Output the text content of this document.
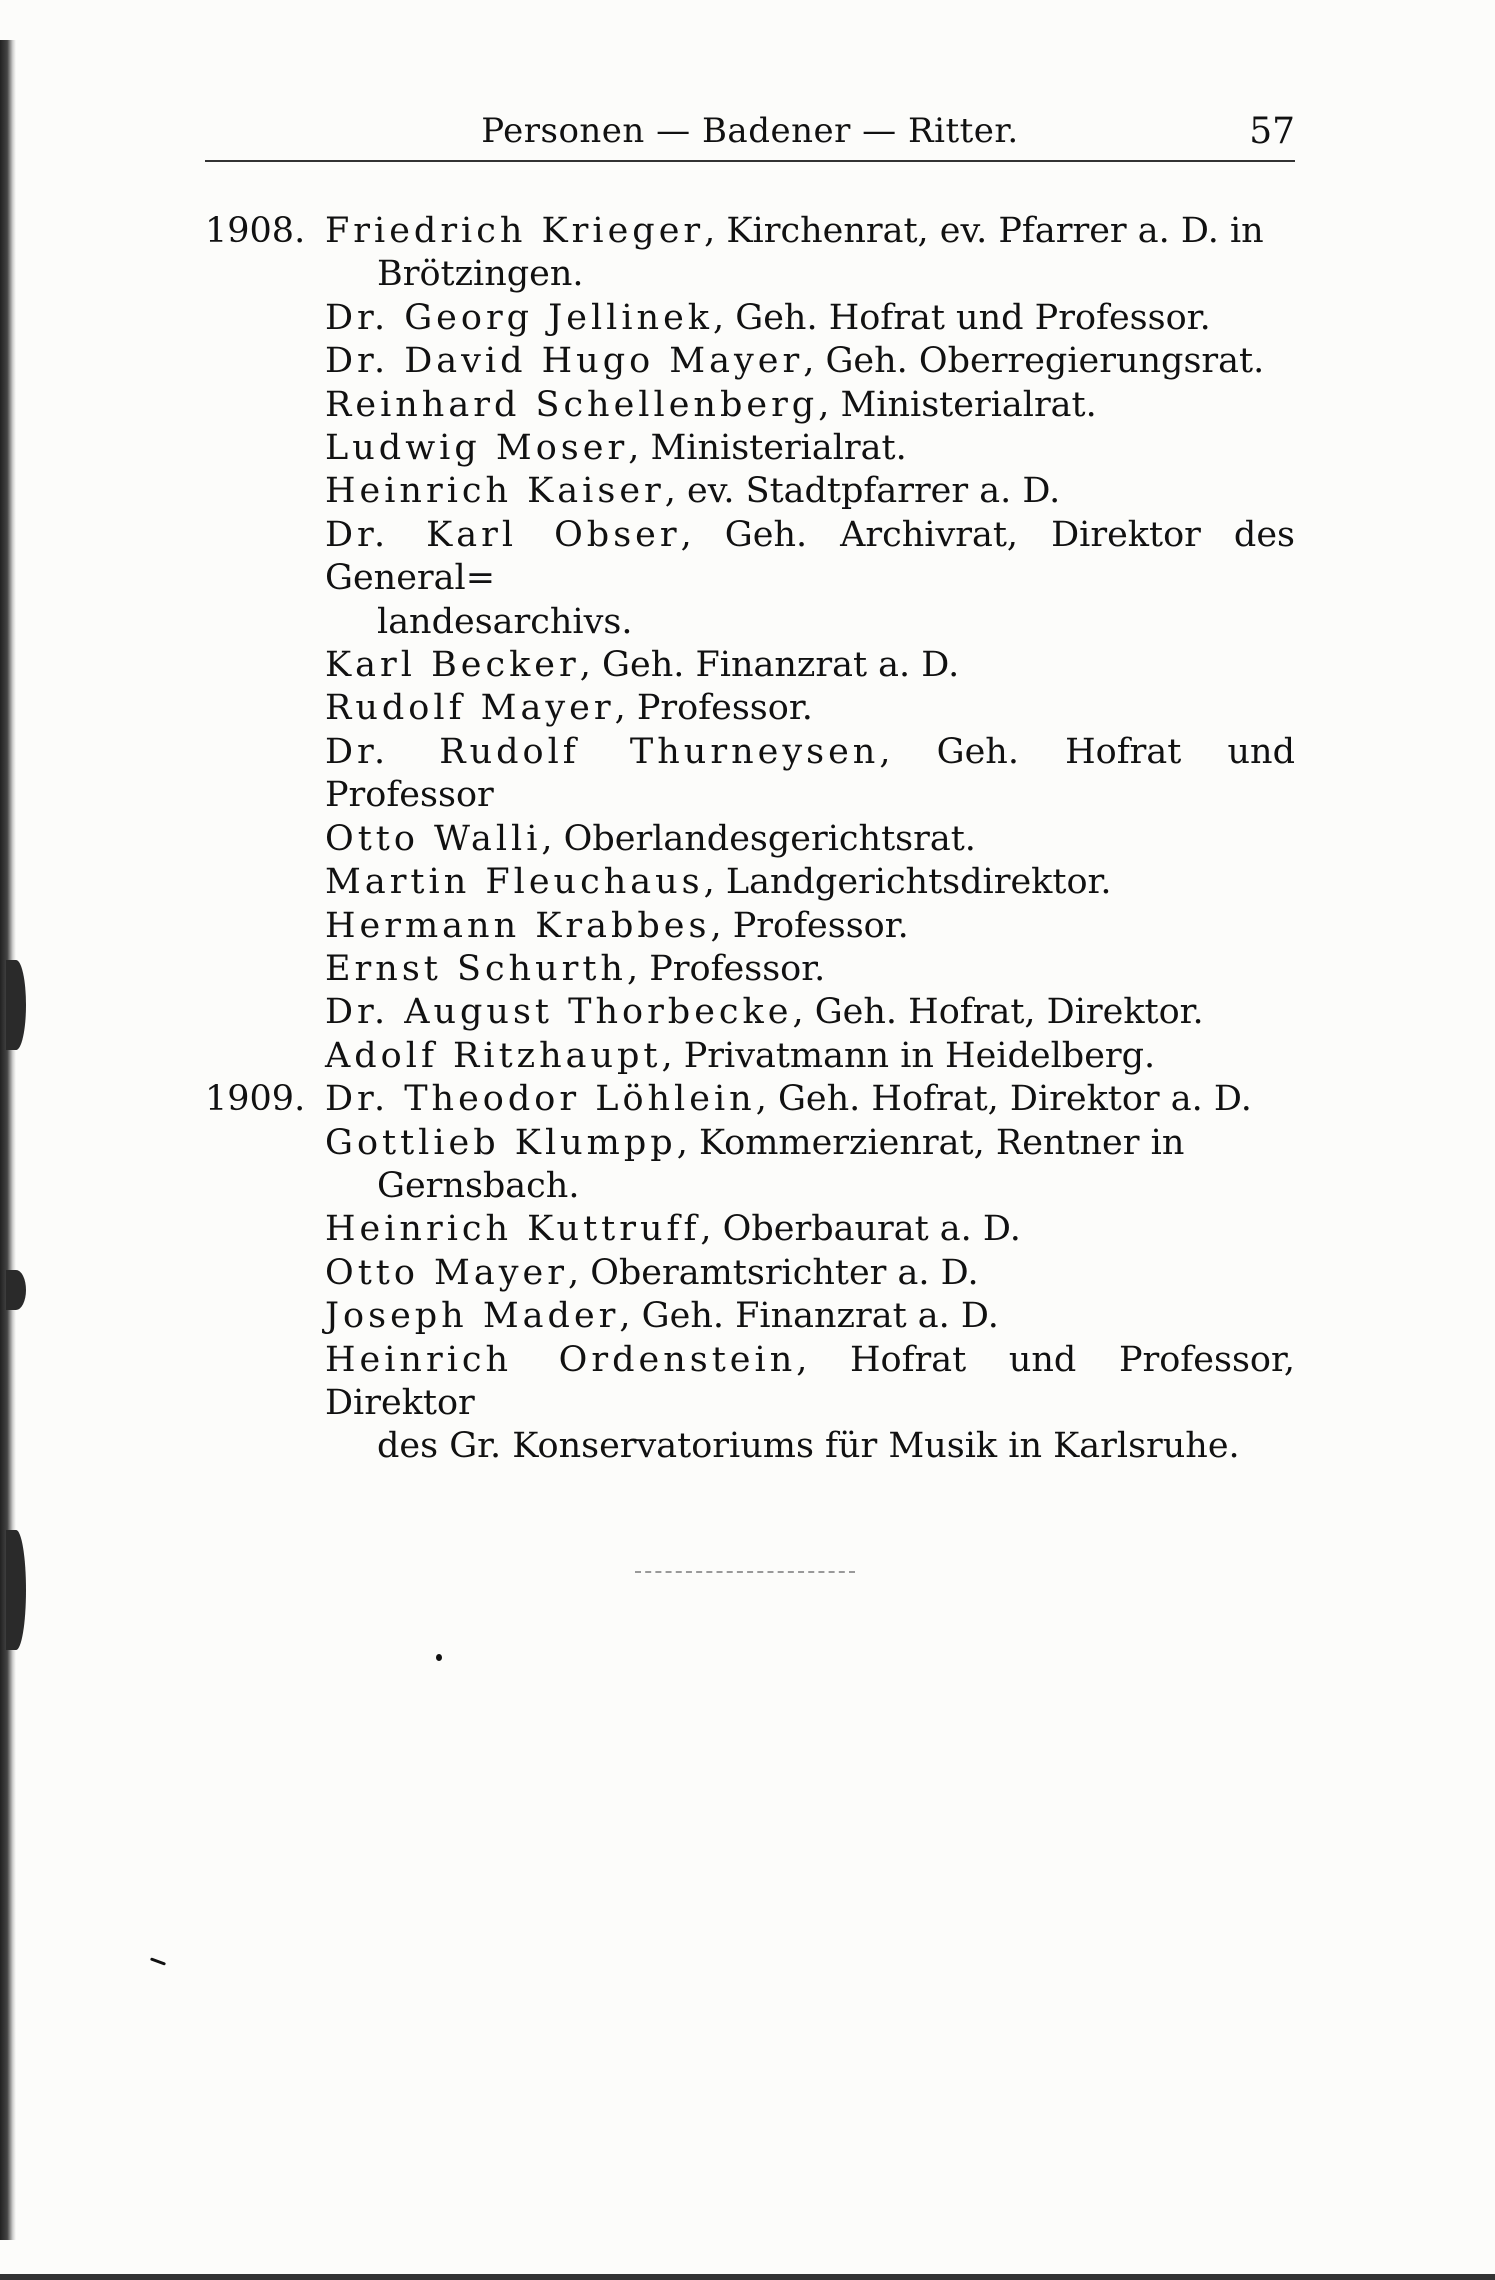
Personen — Badener — Ritter.	57
1908. Friedrich Krieger, Kirchenrat, ev. Pfarrer a. D. in
Brötzingen.
Dr. Georg Jellinek, Geh. Hofrat und Professor.
Dr. David Hugo Mayer, Geh. Oberregierungsrat.
Reinhard Schellenberg, Ministerialrat.
Ludwig Moser, Ministerialrat.
Heinrich Kaiser, ev. Stadtpfarrer a. D.
Dr. Karl Obser, Geh. Archivrat, Direktor des General=
landesarchivs.
Karl Becker, Geh. Finanzrat a. D.
Rudolf Mayer, Professor.
Dr. Rudolf Thurneysen, Geh. Hofrat und Professor
Otto Walli, Oberlandesgerichtsrat.
Martin Fleuchaus, Landgerichtsdirektor.
Hermann Krabbes, Professor.
Ernst Schurth, Professor.
Dr. August Thorbecke, Geh. Hofrat, Direktor.
Adolf Ritzhaupt, Privatmann in Heidelberg.
1909. Dr. Theodor Löhlein, Geh. Hofrat, Direktor a. D.
Gottlieb Klumpp, Kommerzienrat, Rentner in
Gernsbach.
Heinrich Kuttruff, Oberbaurat a. D.
Otto Mayer, Oberamtsrichter a. D.
Joseph Mader, Geh. Finanzrat a. D.
Heinrich Ordenstein, Hofrat und Professor, Direktor
des Gr. Konservatoriums für Musik in Karlsruhe.
